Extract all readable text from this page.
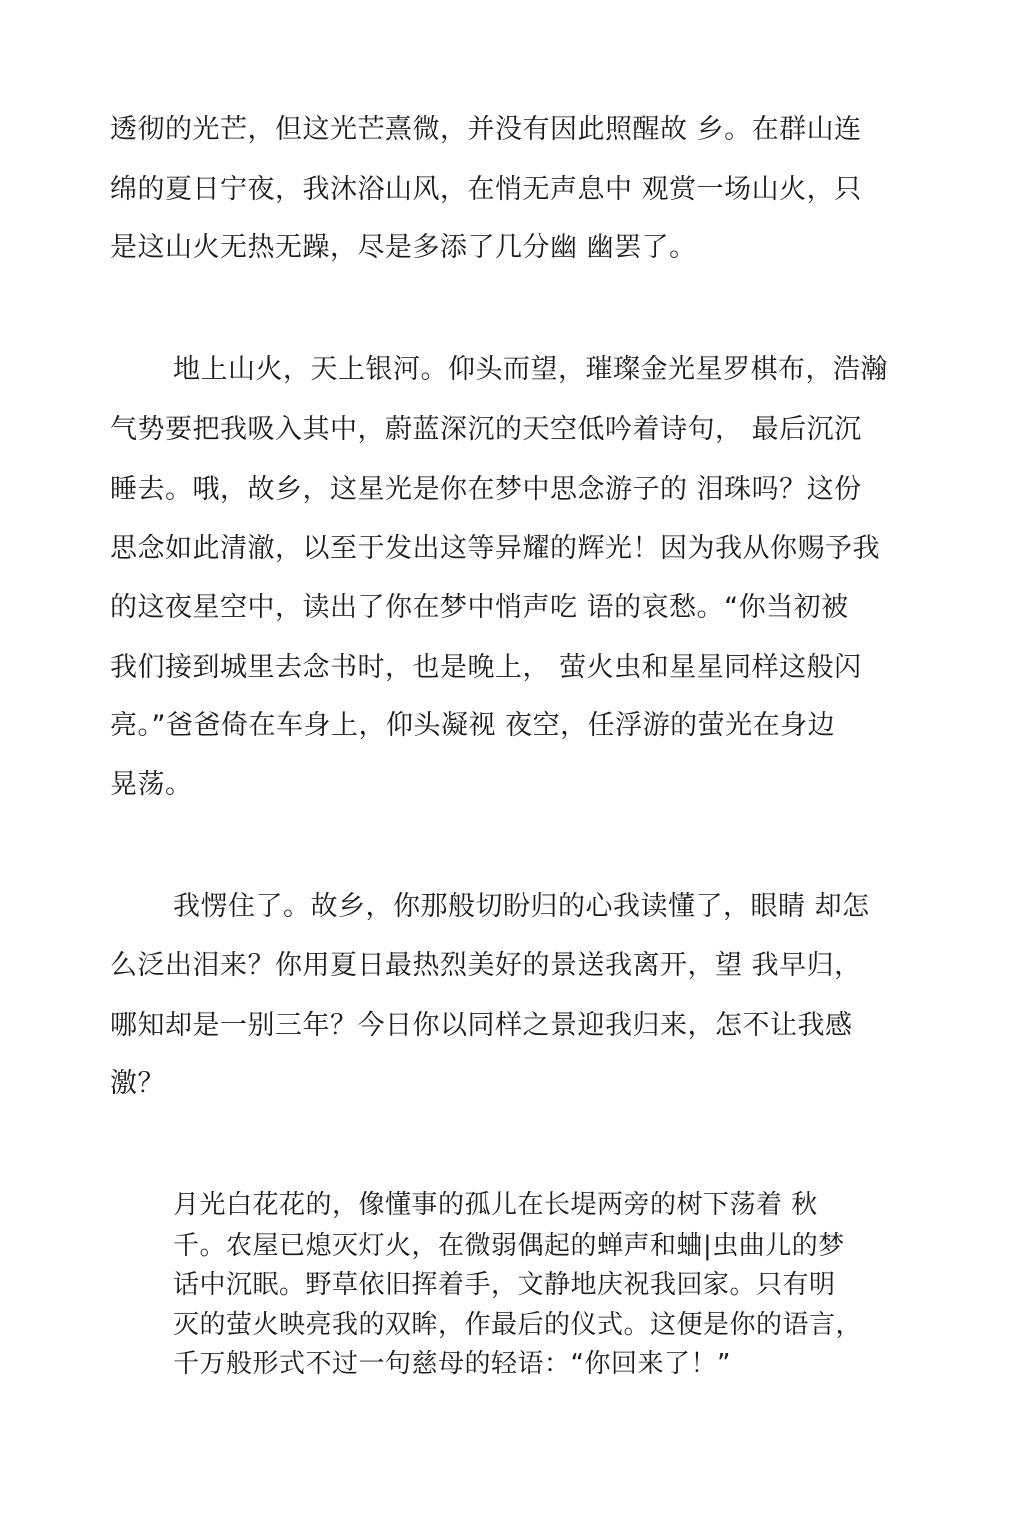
透彻的光芒，但这光芒熹微，并没有因此照醒故 乡。在群山连
绵的夏日宁夜，我沐浴山风，在悄无声息中 观赏一场山火，只
是这山火无热无躁，尽是多添了几分幽 幽罢了。
地上山火，天上银河。仰头而望，璀璨金光星罗棋布，浩瀚
气势要把我吸入其中，蔚蓝深沉的天空低吟着诗句， 最后沉沉
睡去。哦，故乡，这星光是你在梦中思念游子的 泪珠吗？这份
思念如此清澈，以至于发出这等异耀的辉光！因为我从你赐予我
的这夜星空中，读出了你在梦中悄声吃 语的哀愁。“你当初被
我们接到城里去念书时，也是晚上， 萤火虫和星星同样这般闪
亮。”爸爸倚在车身上，仰头凝视 夜空，任浮游的萤光在身边
晃荡。
我愣住了。故乡，你那般切盼归的心我读懂了，眼睛 却怎
么泛出泪来？你用夏日最热烈美好的景送我离开，望 我早归，
哪知却是一别三年？今日你以同样之景迎我归来，怎不让我感
激？
月光白花花的，像懂事的孤儿在长堤两旁的树下荡着 秋
千。农屋已熄灭灯火，在微弱偶起的蝉声和蛐|虫曲儿的梦
话中沉眠。野草依旧挥着手，文静地庆祝我回家。只有明
灭的萤火映亮我的双眸，作最后的仪式。这便是你的语言，
千万般形式不过一句慈母的轻语：“你回来了！”
